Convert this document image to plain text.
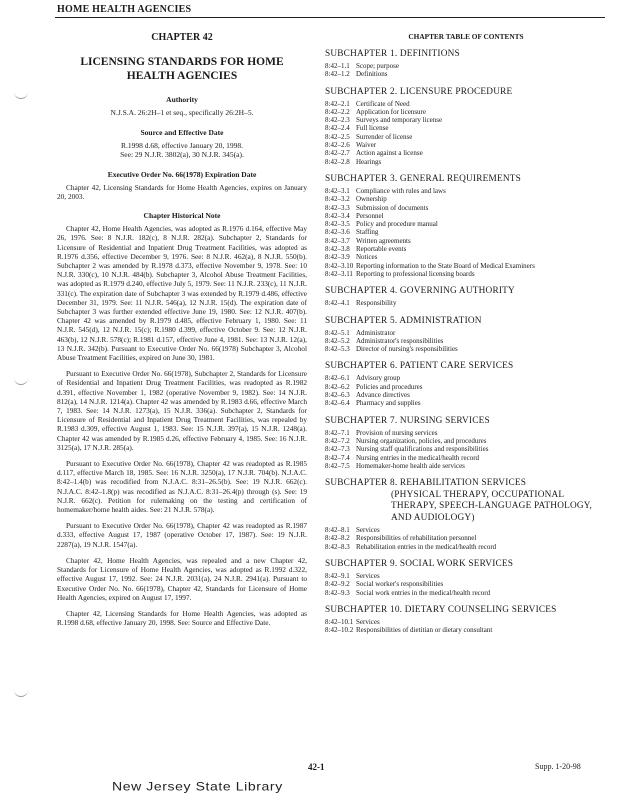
HOME HEALTH AGENCIES
CHAPTER 42
LICENSING STANDARDS FOR HOME HEALTH AGENCIES
Authority
N.J.S.A. 26:2H–1 et seq., specifically 26:2H–5.
Source and Effective Date
R.1998 d.68, effective January 20, 1998.
See: 29 N.J.R. 3802(a), 30 N.J.R. 345(a).
Executive Order No. 66(1978) Expiration Date

Chapter 42, Licensing Standards for Home Health Agencies, expires on January 20, 2003.

Chapter Historical Note

Chapter 42, Home Health Agencies, was adopted as R.1976 d.164, effective May 26, 1976. See: 8 N.J.R. 182(c), 8 N.J.R. 282(a). Subchapter 2, Standards for Licensure of Residential and Inpatient Drug Treatment Facilities, was adopted as R.1976 d.356, effective December 9, 1976. See: 8 N.J.R. 462(a), 8 N.J.R. 550(b). Subchapter 2 was amended by R.1978 d.373, effective November 9, 1978. See: 10 N.J.R. 330(c), 10 N.J.R. 484(b). Subchapter 3, Alcohol Abuse Treatment Facilities, was adopted as R.1979 d.240, effective July 5, 1979. See: 11 N.J.R. 233(c), 11 N.J.R. 331(c). The expiration date of Subchapter 3 was extended by R.1979 d.486, effective December 31, 1979. See: 11 N.J.R. 546(a), 12 N.J.R. 15(d). The expiration date of Subchapter 3 was further extended effective June 19, 1980. See: 12 N.J.R. 407(b). Chapter 42 was amended by R.1979 d.485, effective February 1, 1980. See: 11 N.J.R. 545(d), 12 N.J.R. 15(c); R.1980 d.399, effective October 9. See: 12 N.J.R. 463(b), 12 N.J.R. 578(c); R.1981 d.157, effective June 4, 1981. See: 13 N.J.R. 12(a), 13 N.J.R. 342(b). Pursuant to Executive Order No. 66(1978) Subchapter 3, Alcohol Abuse Treatment Facilities, expired on June 30, 1981.

Pursuant to Executive Order No. 66(1978), Subchapter 2, Standards for Licensure of Residential and Inpatient Drug Treatment Facilities, was readopted as R.1982 d.391, effective November 1, 1982 (operative November 9, 1982). See: 14 N.J.R. 812(a), 14 N.J.R. 1214(a). Chapter 42 was amended by R.1983 d.66, effective March 7, 1983. See: 14 N.J.R. 1273(a), 15 N.J.R. 336(a). Subchapter 2, Standards for Licensure of Residential and Inpatient Drug Treatment Facilities, was repealed by R.1983 d.309, effective August 1, 1983. See: 15 N.J.R. 397(a), 15 N.J.R. 1248(a). Chapter 42 was amended by R.1985 d.26, effective February 4, 1985. See: 16 N.J.R. 3125(a), 17 N.J.R. 285(a).

Pursuant to Executive Order No. 66(1978), Chapter 42 was readopted as R.1985 d.117, effective March 18, 1985. See: 16 N.J.R. 3250(a), 17 N.J.R. 704(b). N.J.A.C. 8:42–1.4(b) was recodified from N.J.A.C. 8:31–26.5(b). See: 19 N.J.R. 662(c). N.J.A.C. 8:42–1.8(p) was recodified as N.J.A.C. 8:31–26.4(p) through (s). See: 19 N.J.R. 662(c). Petition for rulemaking on the testing and certification of homemaker/home health aides. See: 21 N.J.R. 578(a).

Pursuant to Executive Order No. 66(1978), Chapter 42 was readopted as R.1987 d.333, effective August 17, 1987 (operative October 17, 1987). See: 19 N.J.R. 2287(a), 19 N.J.R. 1547(a).

Chapter 42, Home Health Agencies, was repealed and a new Chapter 42, Standards for Licensure of Home Health Agencies, was adopted as R.1992 d.322, effective August 17, 1992. See: 24 N.J.R. 2031(a), 24 N.J.R. 2941(a). Pursuant to Executive Order No. No. 66(1978), Chapter 42, Standards for Licensure of Home Health Agencies, expired on August 17, 1997.

Chapter 42, Licensing Standards for Home Health Agencies, was adopted as R.1998 d.68, effective January 20, 1998. See: Source and Effective Date.

CHAPTER TABLE OF CONTENTS
SUBCHAPTER 1. DEFINITIONS
8:42–1.1 Scope; purpose
8:42–1.2 Definitions
SUBCHAPTER 2. LICENSURE PROCEDURE
8:42–2.1 Certificate of Need
8:42–2.2 Application for licensure
8:42–2.3 Surveys and temporary license
8:42–2.4 Full license
8:42–2.5 Surrender of license
8:42–2.6 Waiver
8:42–2.7 Action against a license
8:42–2.8 Hearings
SUBCHAPTER 3. GENERAL REQUIREMENTS
8:42–3.1 Compliance with rules and laws
8:42–3.2 Ownership
8:42–3.3 Submission of documents
8:42–3.4 Personnel
8:42–3.5 Policy and procedure manual
8:42–3.6 Staffing
8:42–3.7 Written agreements
8:42–3.8 Reportable events
8:42–3.9 Notices
8:42–3.10 Reporting information to the State Board of Medical Examiners
8:42–3.11 Reporting to professional licensing boards
SUBCHAPTER 4. GOVERNING AUTHORITY
8:42–4.1 Responsibility
SUBCHAPTER 5. ADMINISTRATION
8:42–5.1 Administrator
8:42–5.2 Administrator's responsibilities
8:42–5.3 Director of nursing's responsibilities
SUBCHAPTER 6. PATIENT CARE SERVICES
8:42–6.1 Advisory group
8:42–6.2 Policies and procedures
8:42–6.3 Advance directives
8:42–6.4 Pharmacy and supplies
SUBCHAPTER 7. NURSING SERVICES
8:42–7.1 Provision of nursing services
8:42–7.2 Nursing organization, policies, and procedures
8:42–7.3 Nursing staff qualifications and responsibilities
8:42–7.4 Nursing entries in the medical/health record
8:42–7.5 Homemaker-home health aide services
SUBCHAPTER 8. REHABILITATION SERVICES
(PHYSICAL THERAPY, OCCUPATIONAL
THERAPY, SPEECH-LANGUAGE PATHOLOGY,
AND AUDIOLOGY)
8:42–8.1 Services
8:42–8.2 Responsibilities of rehabilitation personnel
8:42–8.3 Rehabilitation entries in the medical/health record
SUBCHAPTER 9. SOCIAL WORK SERVICES
8:42–9.1 Services
8:42–9.2 Social worker's responsibilities
8:42–9.3 Social work entries in the medical/health record
SUBCHAPTER 10. DIETARY COUNSELING SERVICES
8:42–10.1 Services
8:42–10.2 Responsibilities of dietitian or dietary consultant
42-1	Supp. 1-20-98
New Jersey State Library
